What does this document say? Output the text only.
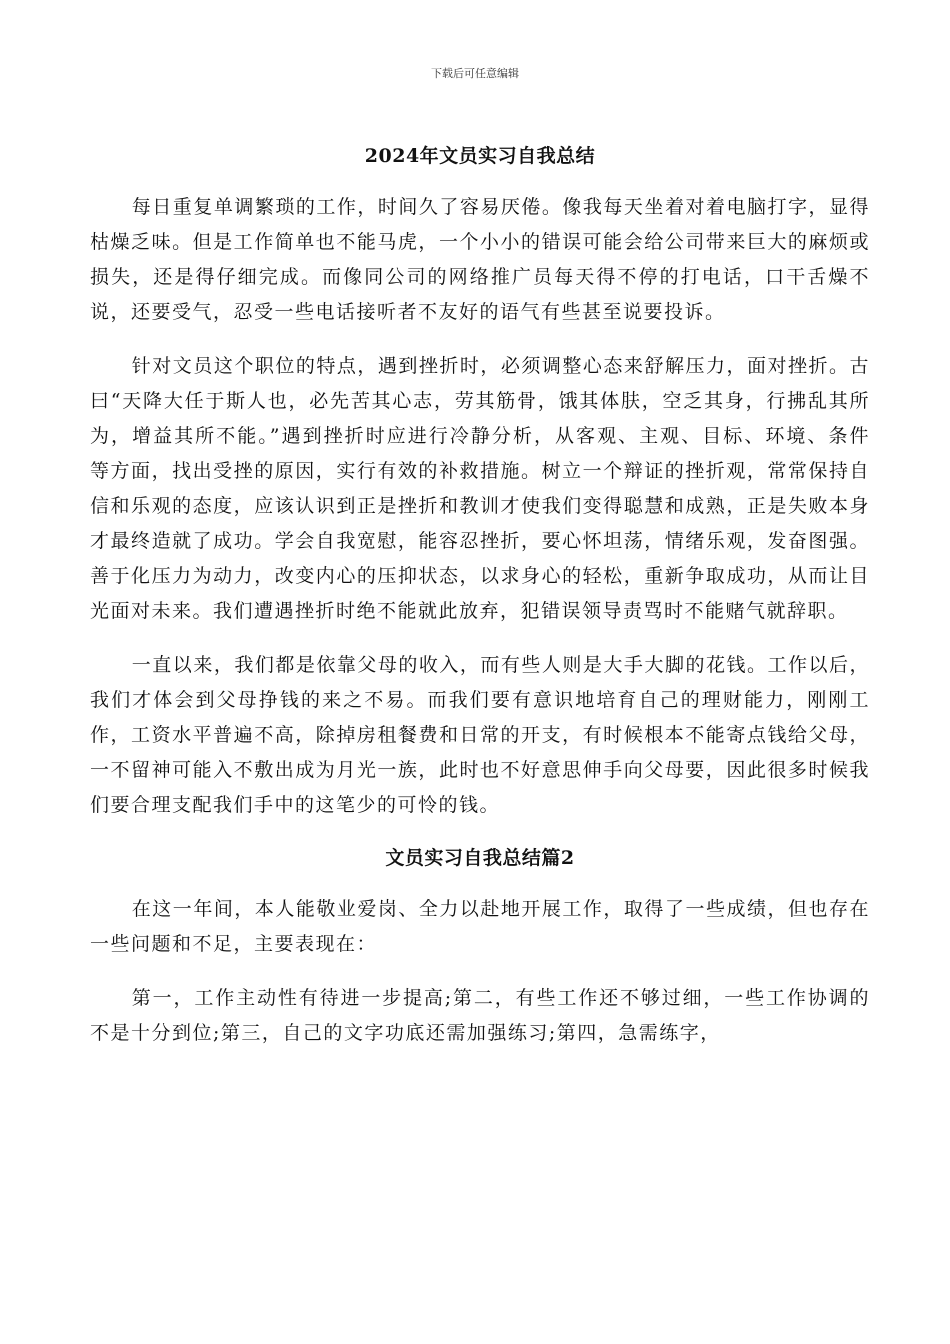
下载后可任意编辑
2024年文员实习自我总结

每日重复单调繁琐的工作，时间久了容易厌倦。像我每天坐着对着电脑打字，显得枯燥乏味。但是工作简单也不能马虎，一个小小的错误可能会给公司带来巨大的麻烦或损失，还是得仔细完成。而像同公司的网络推广员每天得不停的打电话，口干舌燥不说，还要受气，忍受一些电话接听者不友好的语气有些甚至说要投诉。

针对文员这个职位的特点，遇到挫折时，必须调整心态来舒解压力，面对挫折。古曰“天降大任于斯人也，必先苦其心志，劳其筋骨，饿其体肤，空乏其身，行拂乱其所为，增益其所不能。”遇到挫折时应进行冷静分析，从客观、主观、目标、环境、条件等方面，找出受挫的原因，实行有效的补救措施。树立一个辩证的挫折观，常常保持自信和乐观的态度，应该认识到正是挫折和教训才使我们变得聪慧和成熟，正是失败本身才最终造就了成功。学会自我宽慰，能容忍挫折，要心怀坦荡，情绪乐观，发奋图强。善于化压力为动力，改变内心的压抑状态，以求身心的轻松，重新争取成功，从而让目光面对未来。我们遭遇挫折时绝不能就此放弃，犯错误领导责骂时不能赌气就辞职。

一直以来，我们都是依靠父母的收入，而有些人则是大手大脚的花钱。工作以后，我们才体会到父母挣钱的来之不易。而我们要有意识地培育自己的理财能力，刚刚工作，工资水平普遍不高，除掉房租餐费和日常的开支，有时候根本不能寄点钱给父母，一不留神可能入不敷出成为月光一族，此时也不好意思伸手向父母要，因此很多时候我们要合理支配我们手中的这笔少的可怜的钱。

文员实习自我总结篇2

在这一年间，本人能敬业爱岗、全力以赴地开展工作，取得了一些成绩，但也存在一些问题和不足，主要表现在：

第一，工作主动性有待进一步提高;第二，有些工作还不够过细，一些工作协调的不是十分到位;第三，自己的文字功底还需加强练习;第四，急需练字，
